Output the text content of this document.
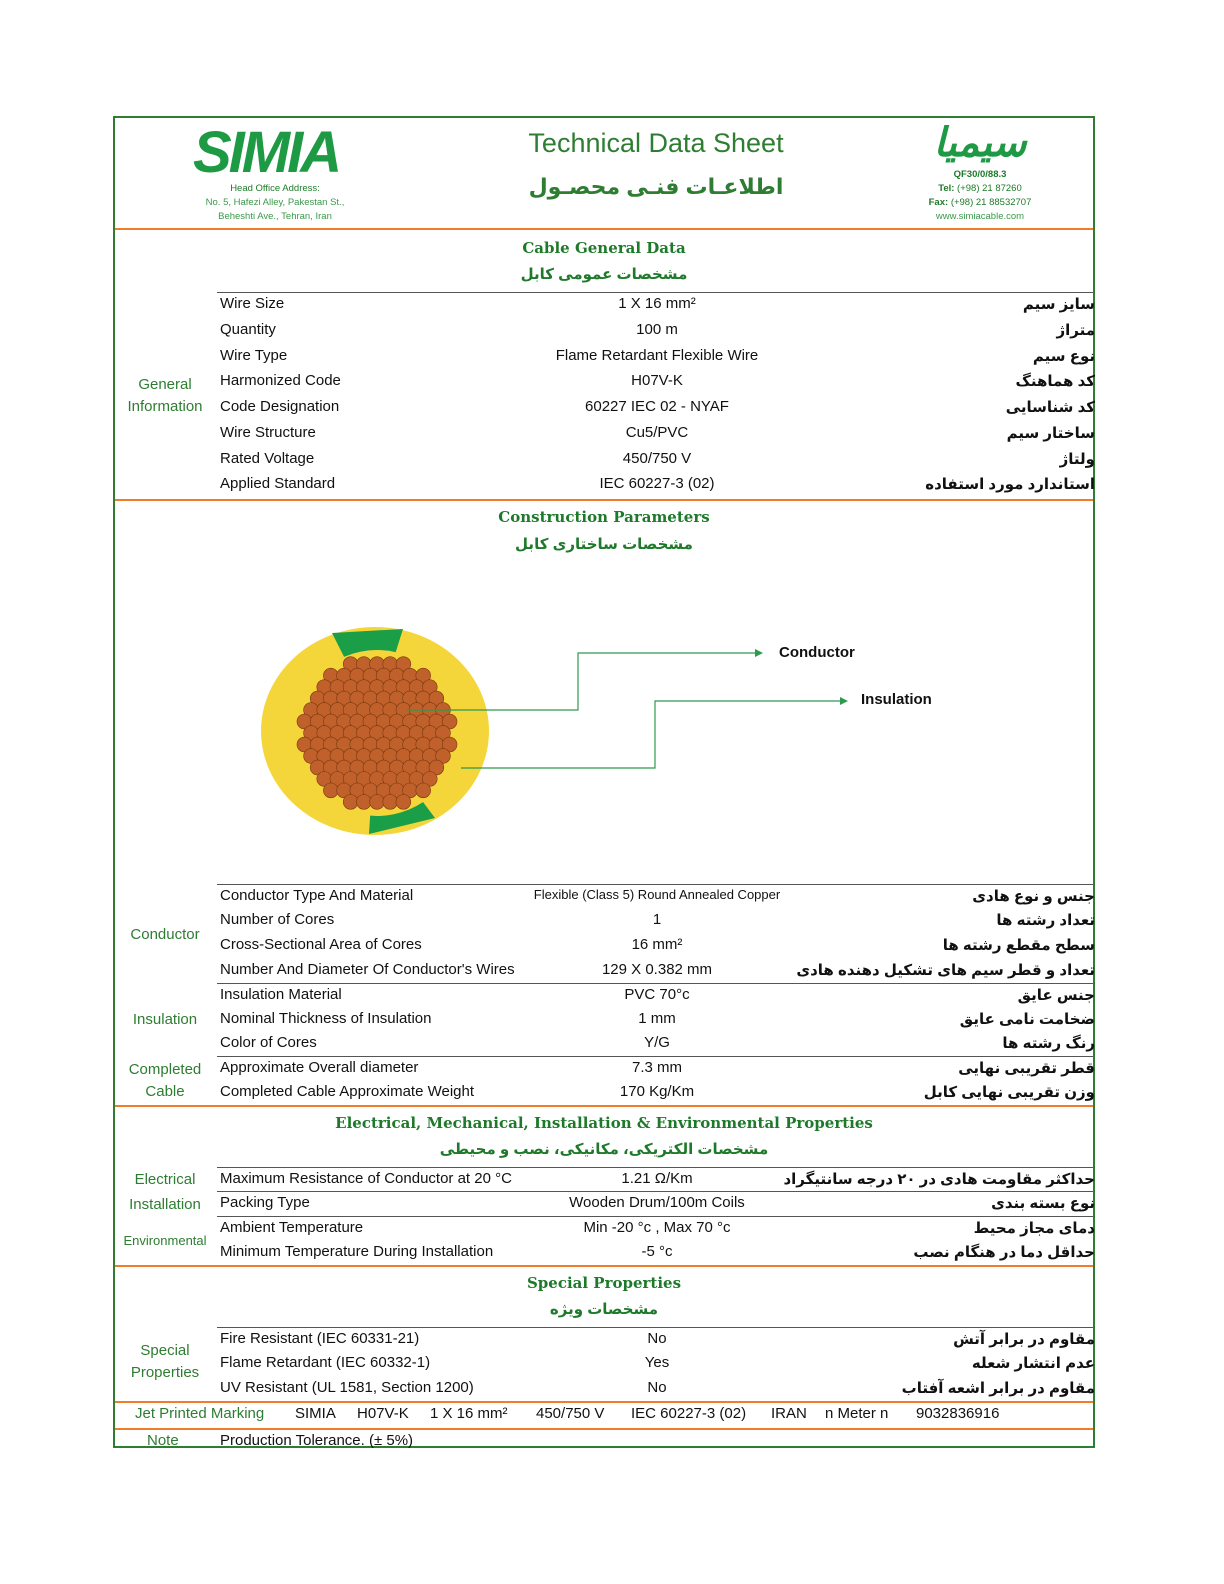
SIMIA
Head Office Address:
No. 5, Hafezi Alley, Pakestan St.,
Beheshti Ave., Tehran, Iran
Technical Data Sheet
اطلاعـات فنـی محصـول
سیمیا
QF30/0/88.3
Tel: (+98) 21 87260
Fax: (+98) 21 88532707
www.simiacable.com
Cable General Data
مشخصات عمومی کابل
General
Information
Wire Size	1 X 16 mm²	سایز سیم
Quantity	100 m	متراژ
Wire Type	Flame Retardant Flexible Wire	نوع سیم
Harmonized Code	H07V-K	کد هماهنگ
Code Designation	60227 IEC 02 - NYAF	کد شناسایی
Wire Structure	Cu5/PVC	ساختار سیم
Rated Voltage	450/750 V	ولتاژ
Applied Standard	IEC 60227-3 (02)	استاندارد مورد استفاده
Construction Parameters
مشخصات ساختاری کابل
Conductor
Insulation
Conductor
Insulation
Completed
Cable
Conductor Type And Material	Flexible (Class 5) Round Annealed Copper	جنس و نوع هادی
Number of Cores	1	تعداد رشته ها
Cross-Sectional Area of Cores	16 mm²	سطح مقطع رشته ها
Number And Diameter Of Conductor's Wires	129 X 0.382 mm	تعداد و قطر سیم های تشکیل دهنده هادی
Insulation Material	PVC 70°c	جنس عایق
Nominal Thickness of Insulation	1 mm	ضخامت نامی عایق
Color of Cores	Y/G	رنگ رشته ها
Approximate Overall diameter	7.3 mm	قطر تقریبی نهایی
Completed Cable Approximate Weight	170 Kg/Km	وزن تقریبی نهایی کابل
Electrical, Mechanical, Installation & Environmental Properties
مشخصات الکتریکی، مکانیکی، نصب و محیطی
Electrical
Installation
Environmental
Maximum Resistance of Conductor at 20 °C	1.21 Ω/Km	حداکثر مقاومت هادی در ۲۰ درجه سانتیگراد
Packing Type	Wooden Drum/100m Coils	نوع بسته بندی
Ambient Temperature	Min -20 °c , Max 70 °c	دمای مجاز محیط
Minimum Temperature During Installation	-5 °c	حداقل دما در هنگام نصب
Special Properties
مشخصات ویژه
Special
Properties
Fire Resistant (IEC 60331-21)	No	مقاوم در برابر آتش
Flame Retardant (IEC 60332-1)	Yes	عدم انتشار شعله
UV Resistant (UL 1581, Section 1200)	No	مقاوم در برابر اشعه آفتاب
Jet Printed Marking SIMIA H07V-K 1 X 16 mm² 450/750 V IEC 60227-3 (02) IRAN n Meter n 9032836916
Note	Production Tolerance. (± 5%)
